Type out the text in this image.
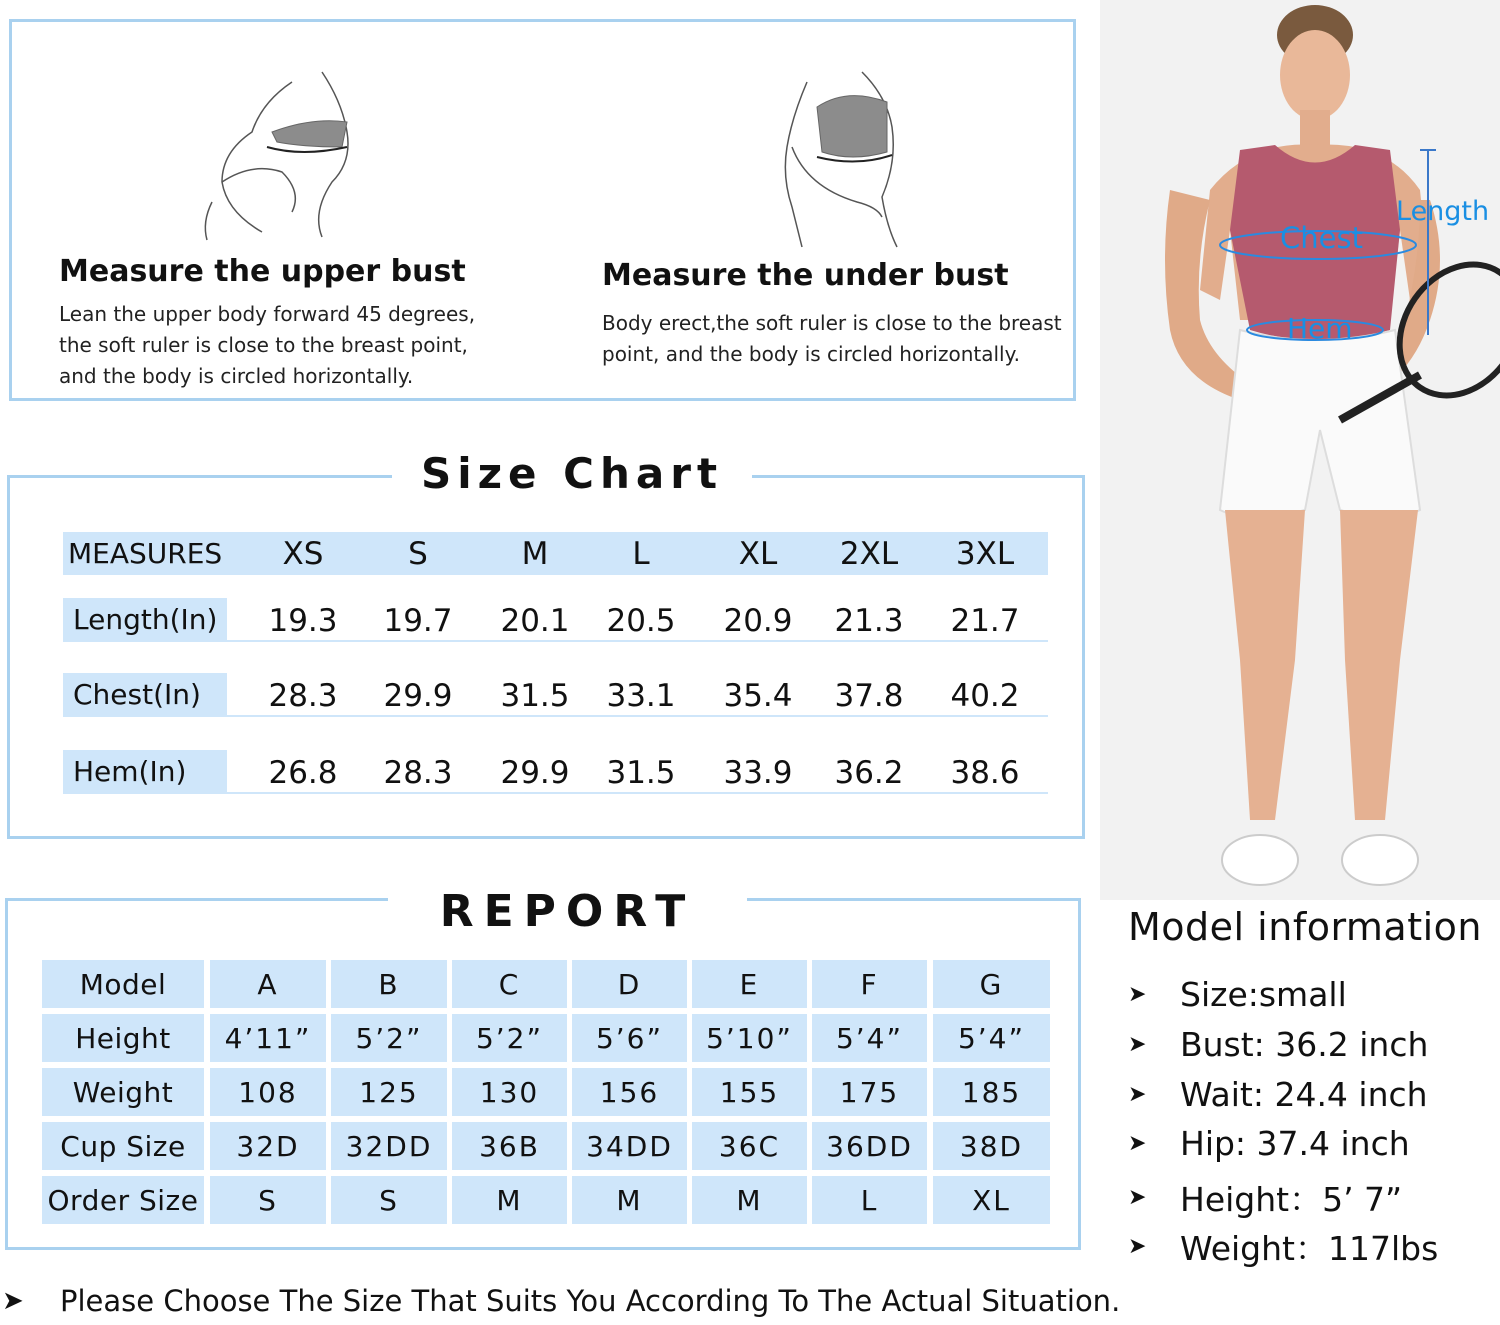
Measure the upper bust
Lean the upper body forward 45 degrees,
the soft ruler is close to the breast point,
and the body is circled horizontally.
Measure the under bust
Body erect,the soft ruler is close to the breast
point, and the body is circled horizontally.
Size Chart
MEASURES	XS	S	M	L	XL	2XL	3XL
Length(In)	19.3	19.7	20.1	20.5	20.9	21.3	21.7
Chest(In)	28.3	29.9	31.5	33.1	35.4	37.8	40.2
Hem(In)	26.8	28.3	29.9	31.5	33.9	36.2	38.6
REPORT
Model	A	B	C	D	E	F	G
Height	4’11”	5’2”	5’2”	5’6”	5’10”	5’4”	5’4”
Weight	108	125	130	156	155	175	185
Cup Size	32D	32DD	36B	34DD	36C	36DD	38D
Order Size	S	S	M	M	M	L	XL
Length
Chest
Hem
Model information
➤	Size:small
➤	Bust: 36.2 inch
➤	Wait: 24.4 inch
➤	Hip: 37.4 inch
➤	Height：5’ 7”
➤	Weight：117lbs
➤	Please Choose The Size That Suits You According To The Actual Situation.
